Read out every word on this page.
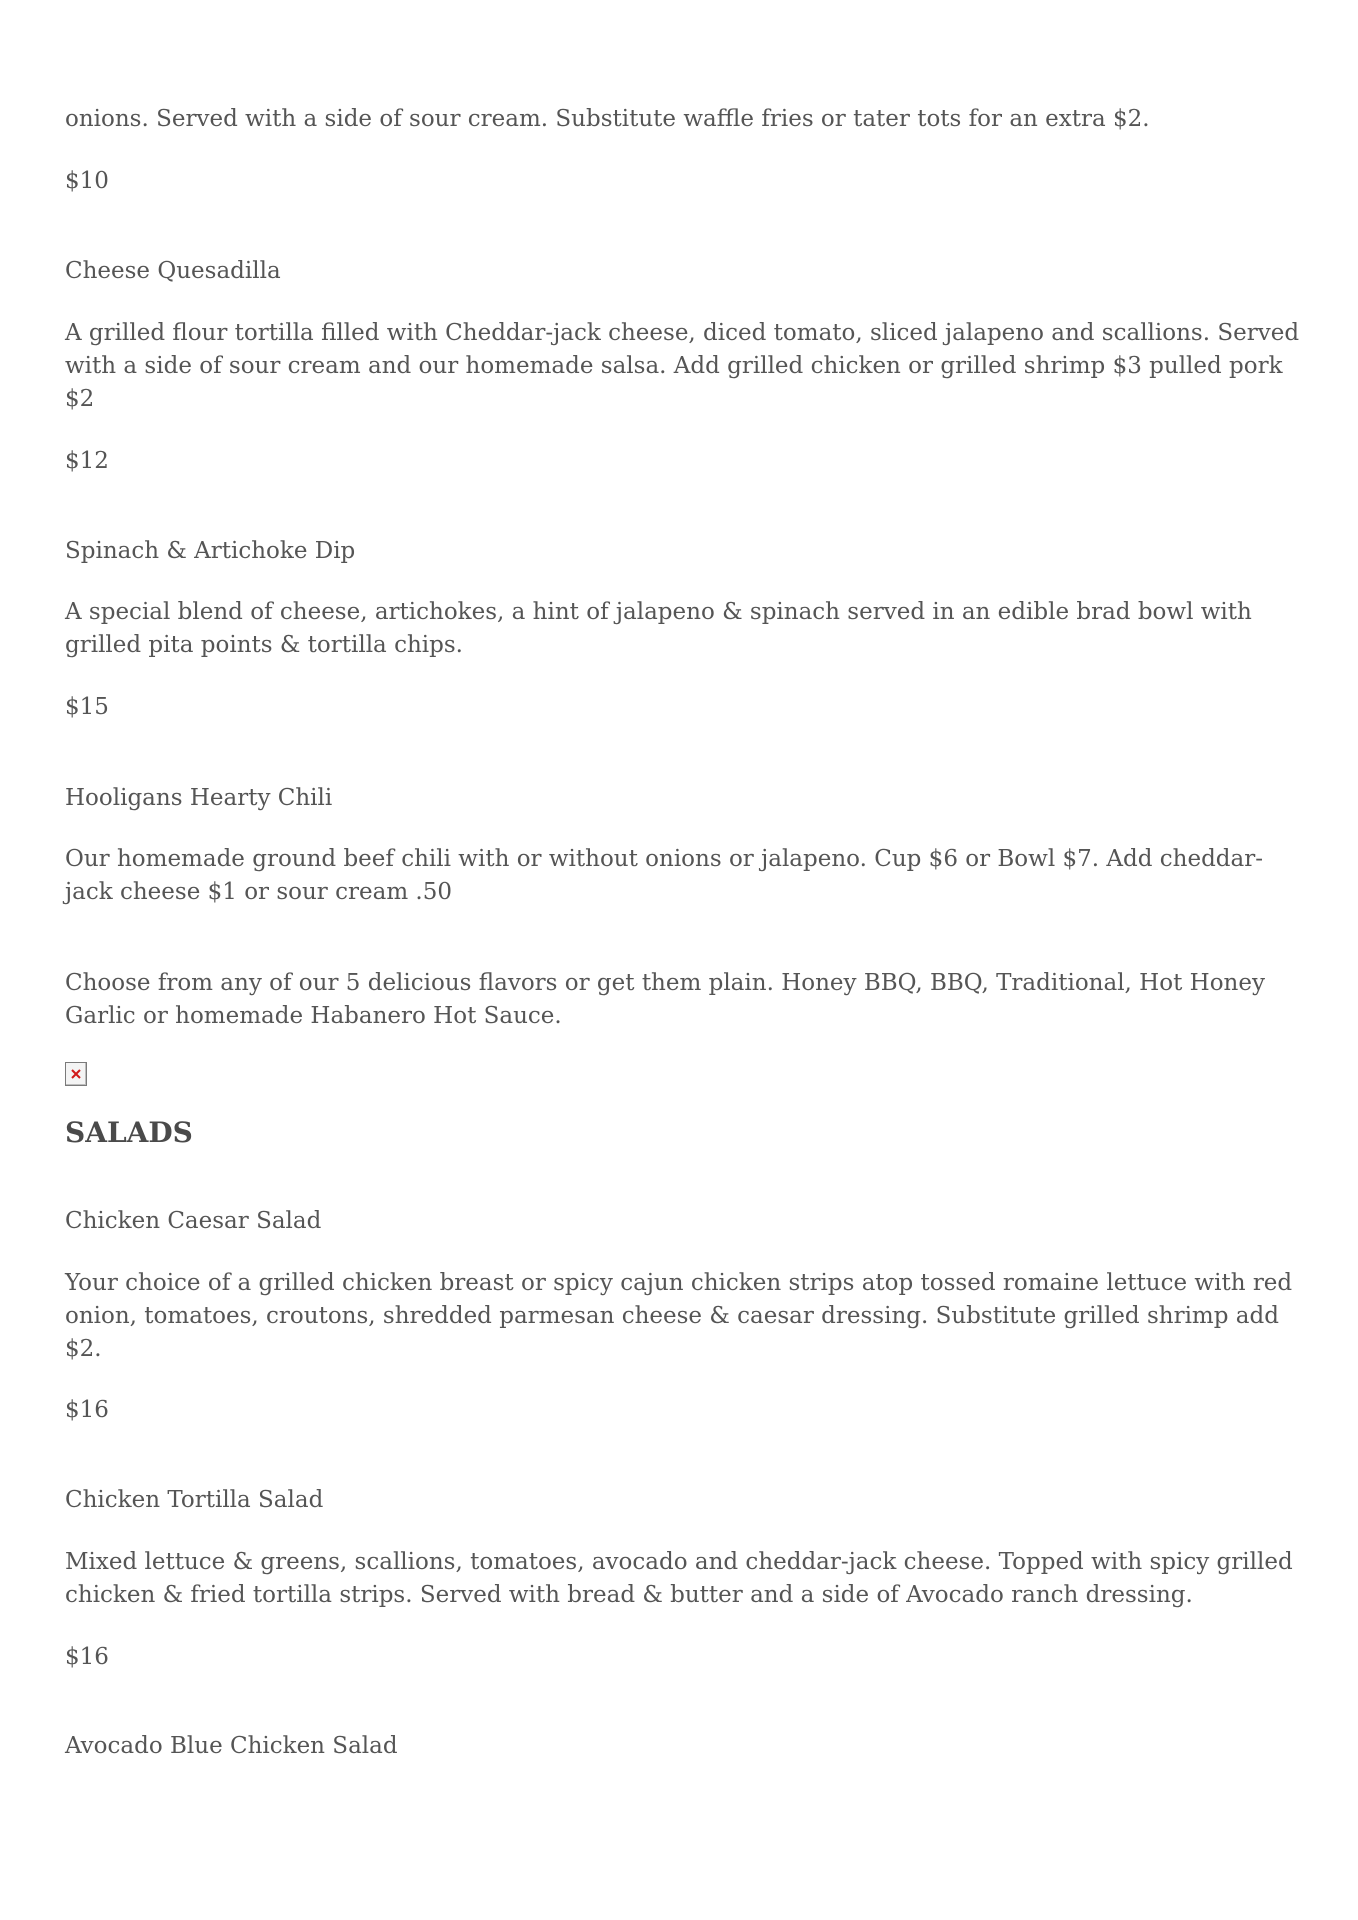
onions. Served with a side of sour cream. Substitute waffle fries or tater tots for an extra $2.

$10

Cheese Quesadilla

A grilled flour tortilla filled with Cheddar-jack cheese, diced tomato, sliced jalapeno and scallions. Served with a side of sour cream and our homemade salsa. Add grilled chicken or grilled shrimp $3 pulled pork $2

$12

Spinach & Artichoke Dip

A special blend of cheese, artichokes, a hint of jalapeno & spinach served in an edible brad bowl with grilled pita points & tortilla chips.

$15

Hooligans Hearty Chili

Our homemade ground beef chili with or without onions or jalapeno. Cup $6 or Bowl $7. Add cheddar-jack cheese $1 or sour cream .50

Choose from any of our 5 delicious flavors or get them plain. Honey BBQ, BBQ, Traditional, Hot Honey Garlic or homemade Habanero Hot Sauce.

SALADS

Chicken Caesar Salad

Your choice of a grilled chicken breast or spicy cajun chicken strips atop tossed romaine lettuce with red onion, tomatoes, croutons, shredded parmesan cheese & caesar dressing. Substitute grilled shrimp add $2.

$16

Chicken Tortilla Salad

Mixed lettuce & greens, scallions, tomatoes, avocado and cheddar-jack cheese. Topped with spicy grilled chicken & fried tortilla strips. Served with bread & butter and a side of Avocado ranch dressing.

$16

Avocado Blue Chicken Salad
